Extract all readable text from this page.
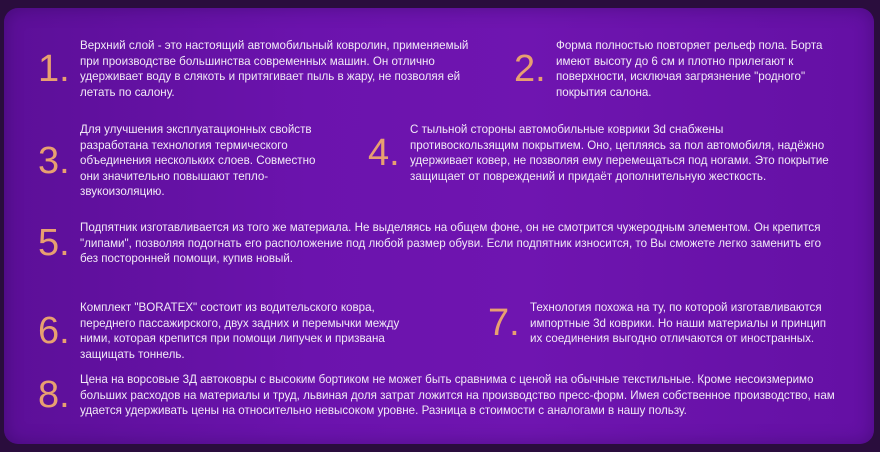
1.
Верхний слой - это настоящий автомобильный ковролин, применяемый при производстве большинства современных машин. Он отлично удерживает воду в слякоть и притягивает пыль в жару, не позволяя ей летать по салону.
2.
Форма полностью повторяет рельеф пола. Борта имеют высоту до 6 см и плотно прилегают к поверхности, исключая загрязнение "родного" покрытия салона.
3.
Для улучшения эксплуатационных свойств разработана технология термического объединения нескольких слоев. Совместно они значительно повышают тепло-звукоизоляцию.
4.
С тыльной стороны автомобильные коврики 3d снабжены противоскользящим покрытием. Оно, цепляясь за пол автомобиля, надёжно удерживает ковер, не позволяя ему перемещаться под ногами. Это покрытие защищает от повреждений и придаёт дополнительную жесткость.
5. Подпятник изготавливается из того же материала. Не выделяясь на общем фоне, он не смотрится чужеродным элементом. Он крепится "липами", позволяя подогнать его расположение под любой размер обуви. Если подпятник износится, то Вы сможете легко заменить его без посторонней помощи, купив новый.
6.
Комплект "BORATEX" состоит из водительского ковра, переднего пассажирского, двух задних и перемычки между ними, которая крепится при помощи липучек и призвана защищать тоннель.
7. Технология похожа на ту, по которой изготавливаются импортные 3d коврики. Но наши материалы и принцип их соединения выгодно отличаются от иностранных.
8. Цена на ворсовые 3Д автоковры с высоким бортиком не может быть сравнима с ценой на обычные текстильные. Кроме несоизмеримо больших расходов на материалы и труд, львиная доля затрат ложится на производство пресс-форм. Имея собственное производство, нам удается удерживать цены на относительно невысоком уровне. Разница в стоимости с аналогами в нашу пользу.
